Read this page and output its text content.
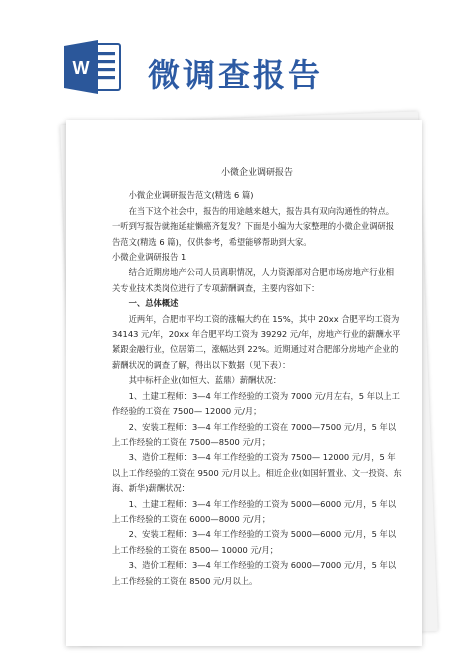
W 微调查报告

小微企业调研报告

小微企业调研报告范文(精选 6 篇)

在当下这个社会中，报告的用途越来越大，报告具有双向沟通性的特点。一听到写报告就拖延症懒癌齐复发？下面是小编为大家整理的小微企业调研报告范文(精选 6 篇)，仅供参考，希望能够帮助到大家。

小微企业调研报告 1

结合近期房地产公司人员离职情况，人力资源部对合肥市场房地产行业相关专业技术类岗位进行了专项薪酬调查，主要内容如下：

一、总体概述

近两年，合肥市平均工资的涨幅大约在 15%，其中 20xx 合肥平均工资为 34143 元/年，20xx 年合肥平均工资为 39292 元/年，房地产行业的薪酬水平紧跟金融行业，位居第二，涨幅达到 22%。近期通过对合肥部分房地产企业的薪酬状况的调查了解，得出以下数据（见下表）：

其中标杆企业(如恒大、蓝鼎）薪酬状况：

1、土建工程师：3—4 年工作经验的工资为 7000 元/月左右，5 年以上工作经验的工资在 7500— 12000 元/月；

2、安装工程师：3—4 年工作经验的工资在 7000—7500 元/月，5 年以上工作经验的工资在 7500—8500 元/月；

3、造价工程师：3—4 年工作经验的工资为 7500— 12000 元/月，5 年以上工作经验的工资在 9500 元/月以上。相近企业(如国轩置业、文一投资、东海、新华)薪酬状况：

1、土建工程师：3—4 年工作经验的工资为 5000—6000 元/月，5 年以上工作经验的工资在 6000—8000 元/月；

2、安装工程师：3—4 年工作经验的工资为 5000—6000 元/月，5 年以上工作经验的工资在 8500— 10000 元/月；

3、造价工程师：3—4 年工作经验的工资为 6000—7000 元/月，5 年以上工作经验的工资在 8500 元/月以上。
